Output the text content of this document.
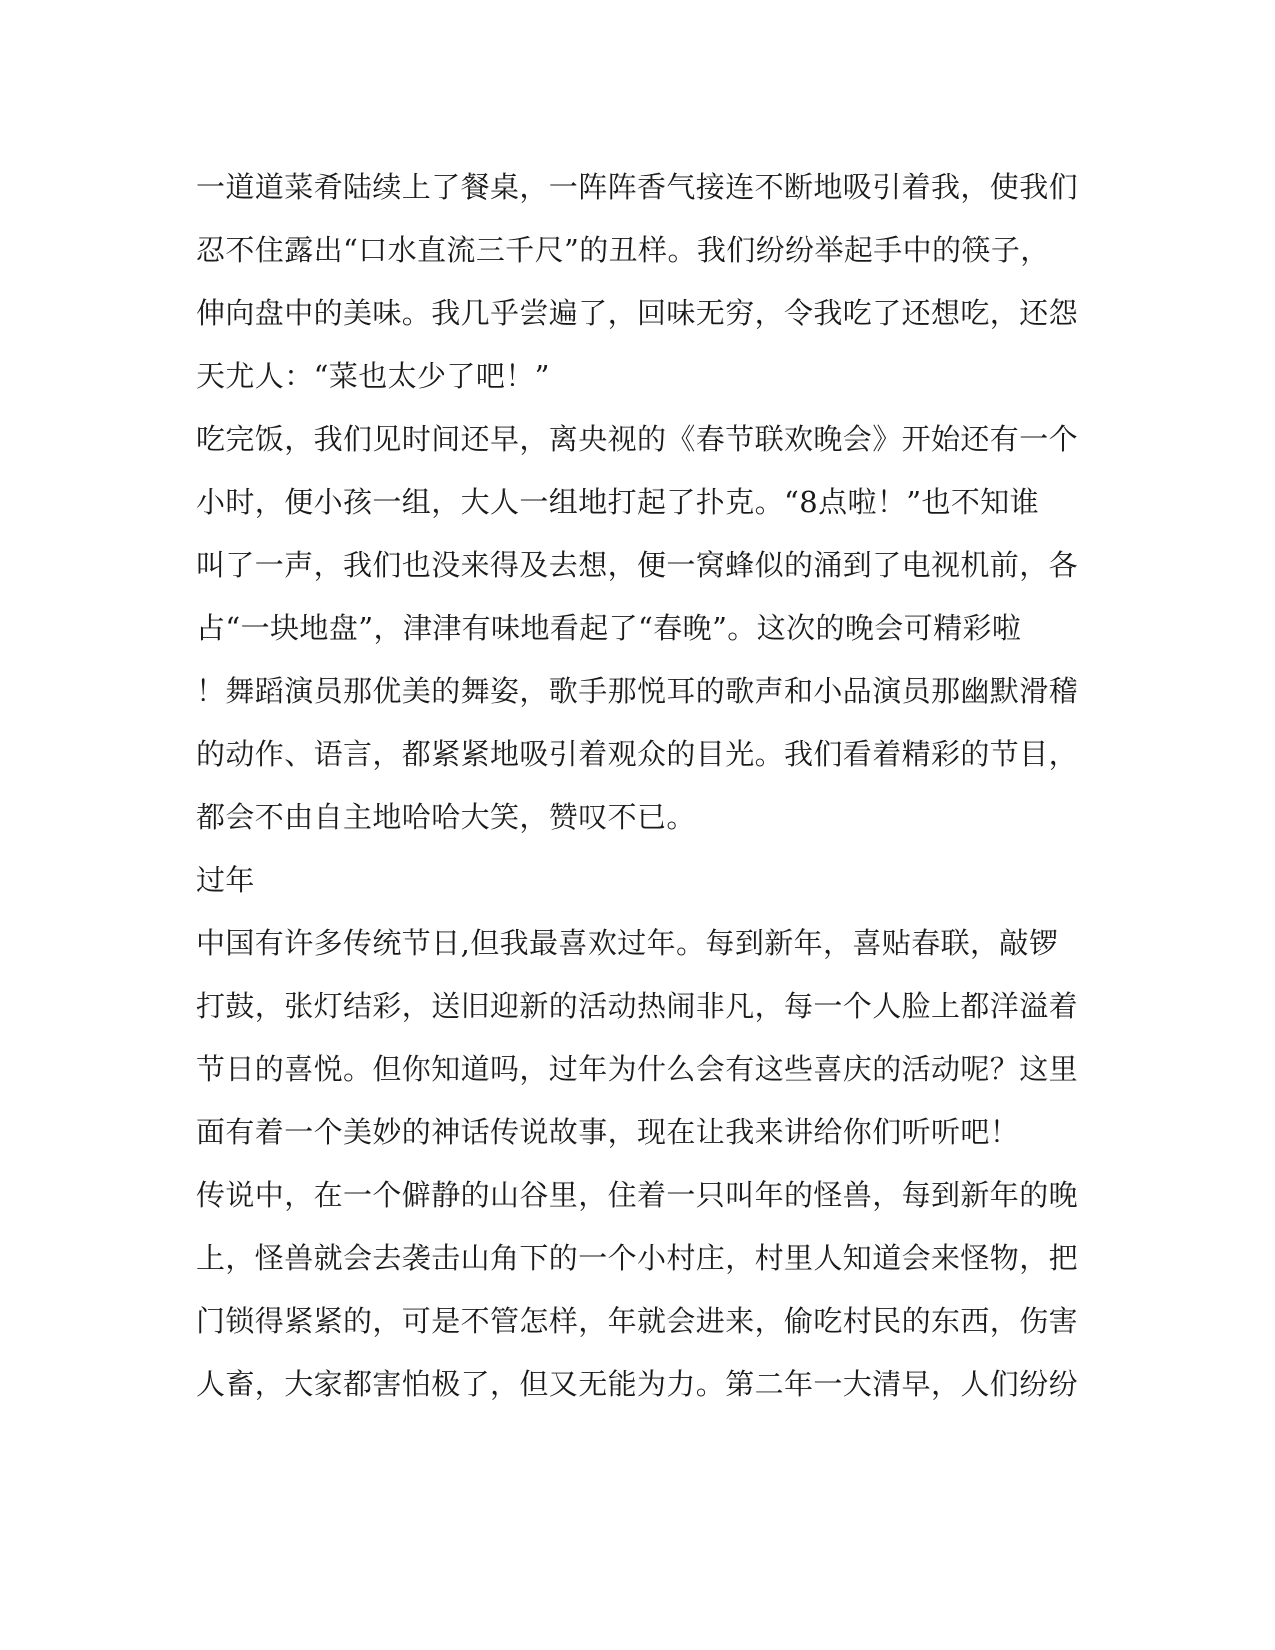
一道道菜肴陆续上了餐桌，一阵阵香气接连不断地吸引着我，使我们
忍不住露出“口水直流三千尺”的丑样。我们纷纷举起手中的筷子，
伸向盘中的美味。我几乎尝遍了，回味无穷，令我吃了还想吃，还怨
天尤人：“菜也太少了吧！”
吃完饭，我们见时间还早，离央视的《春节联欢晚会》开始还有一个
小时，便小孩一组，大人一组地打起了扑克。“8点啦！”也不知谁
叫了一声，我们也没来得及去想，便一窝蜂似的涌到了电视机前，各
占“一块地盘”，津津有味地看起了“春晚”。这次的晚会可精彩啦
！舞蹈演员那优美的舞姿，歌手那悦耳的歌声和小品演员那幽默滑稽
的动作、语言，都紧紧地吸引着观众的目光。我们看着精彩的节目，
都会不由自主地哈哈大笑，赞叹不已。
过年
中国有许多传统节日,但我最喜欢过年。每到新年，喜贴春联，敲锣
打鼓，张灯结彩，送旧迎新的活动热闹非凡，每一个人脸上都洋溢着
节日的喜悦。但你知道吗，过年为什么会有这些喜庆的活动呢？这里
面有着一个美妙的神话传说故事，现在让我来讲给你们听听吧！
传说中，在一个僻静的山谷里，住着一只叫年的怪兽，每到新年的晚
上，怪兽就会去袭击山角下的一个小村庄，村里人知道会来怪物，把
门锁得紧紧的，可是不管怎样，年就会进来，偷吃村民的东西，伤害
人畜，大家都害怕极了，但又无能为力。第二年一大清早，人们纷纷
